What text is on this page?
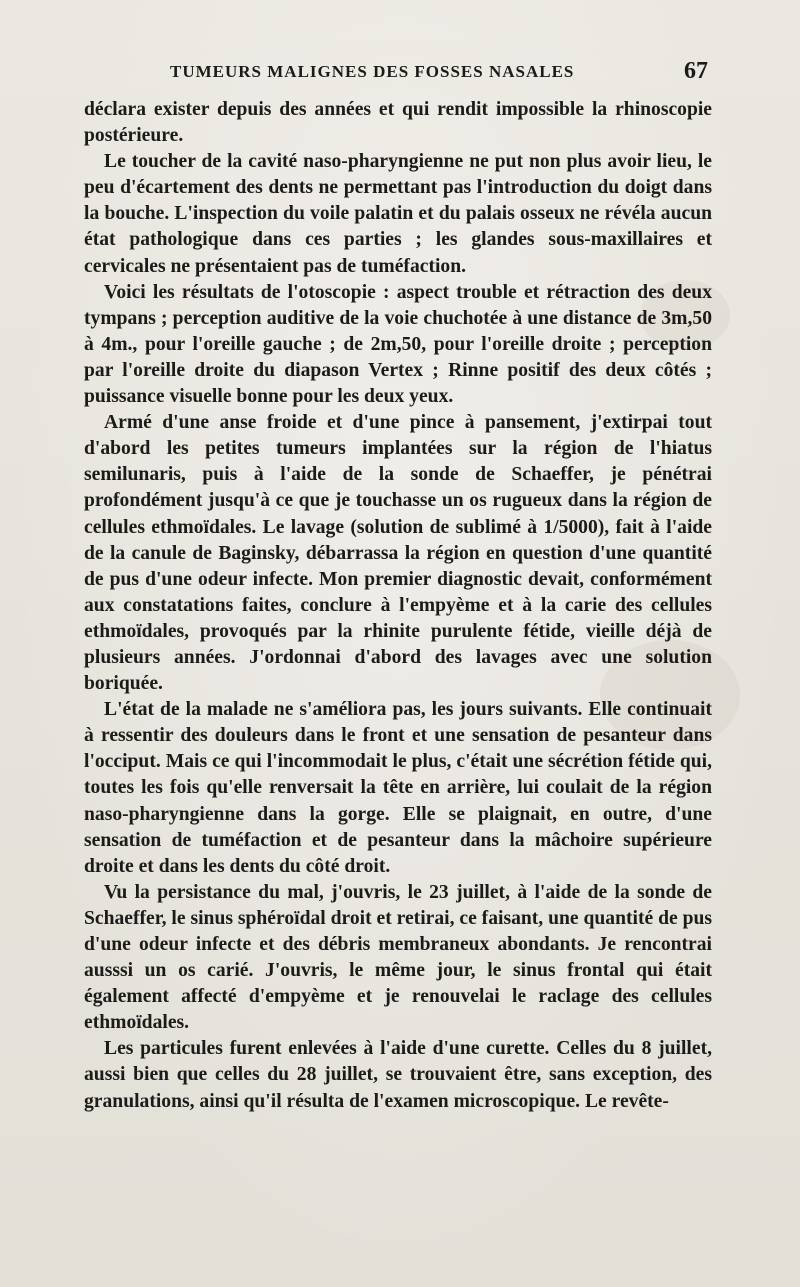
TUMEURS MALIGNES DES FOSSES NASALES	67

déclara exister depuis des années et qui rendit impossible la rhinoscopie postérieure.

Le toucher de la cavité naso-pharyngienne ne put non plus avoir lieu, le peu d'écartement des dents ne permettant pas l'introduction du doigt dans la bouche. L'inspection du voile palatin et du palais osseux ne révéla aucun état pathologique dans ces parties ; les glandes sous-maxillaires et cervicales ne présentaient pas de tuméfaction.

Voici les résultats de l'otoscopie : aspect trouble et rétraction des deux tympans ; perception auditive de la voie chuchotée à une distance de 3m,50 à 4m., pour l'oreille gauche ; de 2m,50, pour l'oreille droite ; perception par l'oreille droite du diapason Vertex ; Rinne positif des deux côtés ; puissance visuelle bonne pour les deux yeux.

Armé d'une anse froide et d'une pince à pansement, j'extirpai tout d'abord les petites tumeurs implantées sur la région de l'hiatus semilunaris, puis à l'aide de la sonde de Schaeffer, je pénétrai profondément jusqu'à ce que je touchasse un os rugueux dans la région de cellules ethmoïdales. Le lavage (solution de sublimé à 1/5000), fait à l'aide de la canule de Baginsky, débarrassa la région en question d'une quantité de pus d'une odeur infecte. Mon premier diagnostic devait, conformément aux constatations faites, conclure à l'empyème et à la carie des cellules ethmoïdales, provoqués par la rhinite purulente fétide, vieille déjà de plusieurs années. J'ordonnai d'abord des lavages avec une solution boriquée.

L'état de la malade ne s'améliora pas, les jours suivants. Elle continuait à ressentir des douleurs dans le front et une sensation de pesanteur dans l'occiput. Mais ce qui l'incommodait le plus, c'était une sécrétion fétide qui, toutes les fois qu'elle renversait la tête en arrière, lui coulait de la région naso-pharyngienne dans la gorge. Elle se plaignait, en outre, d'une sensation de tuméfaction et de pesanteur dans la mâchoire supérieure droite et dans les dents du côté droit.

Vu la persistance du mal, j'ouvris, le 23 juillet, à l'aide de la sonde de Schaeffer, le sinus sphéroïdal droit et retirai, ce faisant, une quantité de pus d'une odeur infecte et des débris membraneux abondants. Je rencontrai ausssi un os carié. J'ouvris, le même jour, le sinus frontal qui était également affecté d'empyème et je renouvelai le raclage des cellules ethmoïdales.

Les particules furent enlevées à l'aide d'une curette. Celles du 8 juillet, aussi bien que celles du 28 juillet, se trouvaient être, sans exception, des granulations, ainsi qu'il résulta de l'examen microscopique. Le revête-
